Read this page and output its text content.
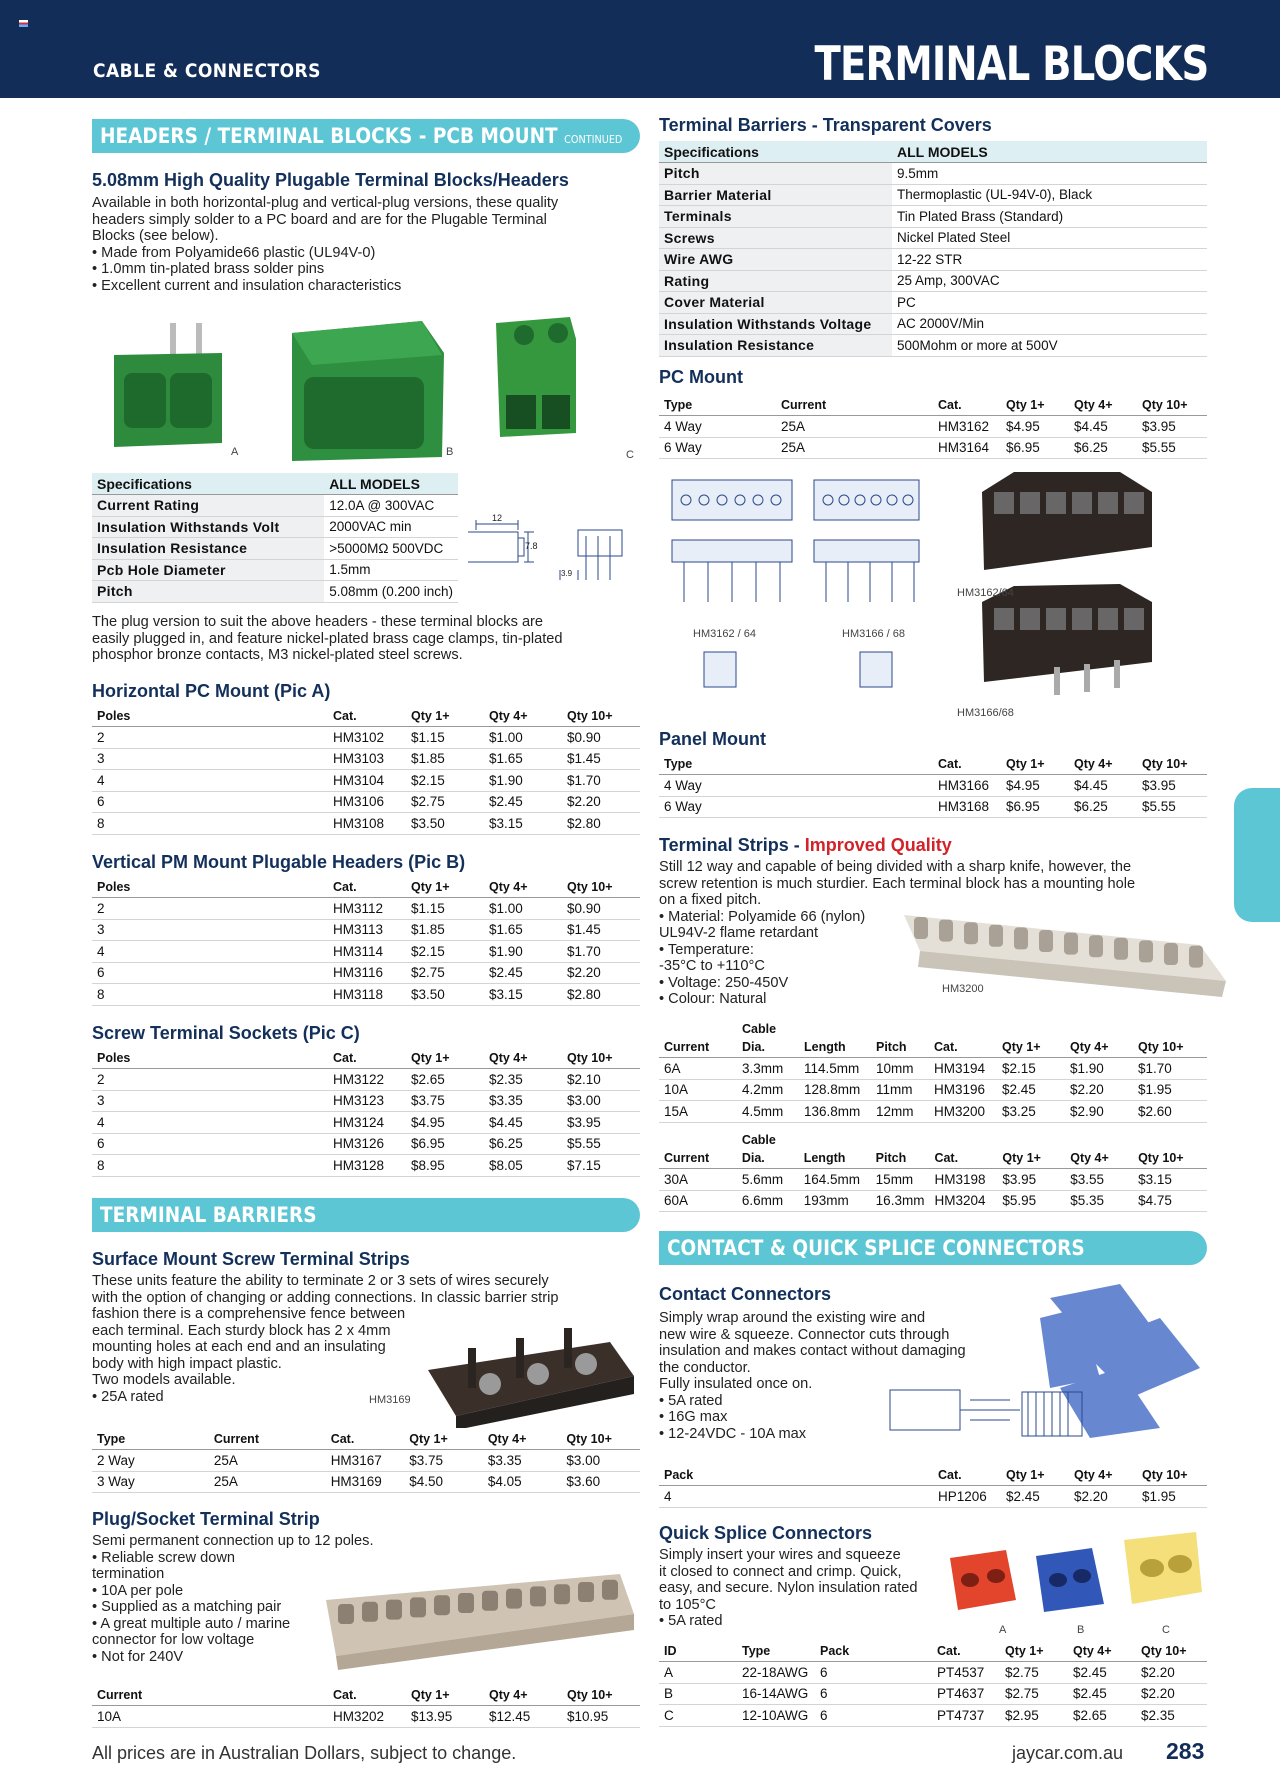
CABLE & CONNECTORS	TERMINAL BLOCKS
HEADERS / TERMINAL BLOCKS - PCB MOUNT CONTINUED
5.08mm High Quality Plugable Terminal Blocks/Headers
Available in both horizontal-plug and vertical-plug versions, these quality
headers simply solder to a PC board and are for the Plugable Terminal
Blocks (see below).
• Made from Polyamide66 plastic (UL94V-0)
• 1.0mm tin-plated brass solder pins
• Excellent current and insulation characteristics
A	B	C
Specifications	ALL MODELS
Current Rating	12.0A @ 300VAC
Insulation Withstands Volt	2000VAC min
Insulation Resistance	>5000MΩ 500VDC
Pcb Hole Diameter	1.5mm
Pitch	5.08mm (0.200 inch)
12
7.8
3.9
The plug version to suit the above headers - these terminal blocks are
easily plugged in, and feature nickel-plated brass cage clamps, tin-plated
phosphor bronze contacts, M3 nickel-plated steel screws.
Horizontal PC Mount (Pic A)
Poles	Cat.	Qty 1+	Qty 4+	Qty 10+
2	HM3102	$1.15	$1.00	$0.90
3	HM3103	$1.85	$1.65	$1.45
4	HM3104	$2.15	$1.90	$1.70
6	HM3106	$2.75	$2.45	$2.20
8	HM3108	$3.50	$3.15	$2.80
Vertical PM Mount Plugable Headers (Pic B)
Poles	Cat.	Qty 1+	Qty 4+	Qty 10+
2	HM3112	$1.15	$1.00	$0.90
3	HM3113	$1.85	$1.65	$1.45
4	HM3114	$2.15	$1.90	$1.70
6	HM3116	$2.75	$2.45	$2.20
8	HM3118	$3.50	$3.15	$2.80
Screw Terminal Sockets (Pic C)
Poles	Cat.	Qty 1+	Qty 4+	Qty 10+
2	HM3122	$2.65	$2.35	$2.10
3	HM3123	$3.75	$3.35	$3.00
4	HM3124	$4.95	$4.45	$3.95
6	HM3126	$6.95	$6.25	$5.55
8	HM3128	$8.95	$8.05	$7.15
TERMINAL BARRIERS
Surface Mount Screw Terminal Strips
These units feature the ability to terminate 2 or 3 sets of wires securely
with the option of changing or adding connections. In classic barrier strip
fashion there is a comprehensive fence between
each terminal. Each sturdy block has 2 x 4mm
mounting holes at each end and an insulating
body with high impact plastic.
Two models available.
• 25A rated	HM3169
Type	Current	Cat.	Qty 1+	Qty 4+	Qty 10+
2 Way	25A	HM3167	$3.75	$3.35	$3.00
3 Way	25A	HM3169	$4.50	$4.05	$3.60
Plug/Socket Terminal Strip
Semi permanent connection up to 12 poles.
• Reliable screw down
termination
• 10A per pole
• Supplied as a matching pair
• A great multiple auto / marine
connector for low voltage
• Not for 240V
Current	Cat.	Qty 1+	Qty 4+	Qty 10+
10A	HM3202	$13.95	$12.45	$10.95
Terminal Barriers - Transparent Covers
Specifications	ALL MODELS
Pitch	9.5mm
Barrier Material	Thermoplastic (UL-94V-0), Black
Terminals	Tin Plated Brass (Standard)
Screws	Nickel Plated Steel
Wire AWG	12-22 STR
Rating	25 Amp, 300VAC
Cover Material	PC
Insulation Withstands Voltage	AC 2000V/Min
Insulation Resistance	500Mohm or more at 500V
PC Mount
Type	Current	Cat.	Qty 1+	Qty 4+	Qty 10+
4 Way	25A	HM3162	$4.95	$4.45	$3.95
6 Way	25A	HM3164	$6.95	$6.25	$5.55
HM3162 / 64	HM3166 / 68
HM3162/64
HM3166/68
Panel Mount
Type	Cat.	Qty 1+	Qty 4+	Qty 10+
4 Way	HM3166	$4.95	$4.45	$3.95
6 Way	HM3168	$6.95	$6.25	$5.55
Terminal Strips - Improved Quality
Still 12 way and capable of being divided with a sharp knife, however, the
screw retention is much sturdier. Each terminal block has a mounting hole
on a fixed pitch.
• Material: Polyamide 66 (nylon)
UL94V-2 flame retardant
• Temperature:
-35°C to +110°C
• Voltage: 250-450V
• Colour: Natural
HM3200
	Cable						
Current	Dia.	Length	Pitch	Cat.	Qty 1+	Qty 4+	Qty 10+
6A	3.3mm	114.5mm	10mm	HM3194	$2.15	$1.90	$1.70
10A	4.2mm	128.8mm	11mm	HM3196	$2.45	$2.20	$1.95
15A	4.5mm	136.8mm	12mm	HM3200	$3.25	$2.90	$2.60
	Cable						
Current	Dia.	Length	Pitch	Cat.	Qty 1+	Qty 4+	Qty 10+
30A	5.6mm	164.5mm	15mm	HM3198	$3.95	$3.55	$3.15
60A	6.6mm	193mm	16.3mm	HM3204	$5.95	$5.35	$4.75
CONTACT & QUICK SPLICE CONNECTORS
Contact Connectors
Simply wrap around the existing wire and
new wire & squeeze. Connector cuts through
insulation and makes contact without damaging
the conductor.
Fully insulated once on.
• 5A rated
• 16G max
• 12-24VDC - 10A max
Pack	Cat.	Qty 1+	Qty 4+	Qty 10+
4	HP1206	$2.45	$2.20	$1.95
Quick Splice Connectors
Simply insert your wires and squeeze
it closed to connect and crimp. Quick,
easy, and secure. Nylon insulation rated
to 105°C
• 5A rated
A	B	C
ID	Type	Pack	Cat.	Qty 1+	Qty 4+	Qty 10+
A	22-18AWG	6	PT4537	$2.75	$2.45	$2.20
B	16-14AWG	6	PT4637	$2.75	$2.45	$2.20
C	12-10AWG	6	PT4737	$2.95	$2.65	$2.35
All prices are in Australian Dollars, subject to change.	jaycar.com.au 283
